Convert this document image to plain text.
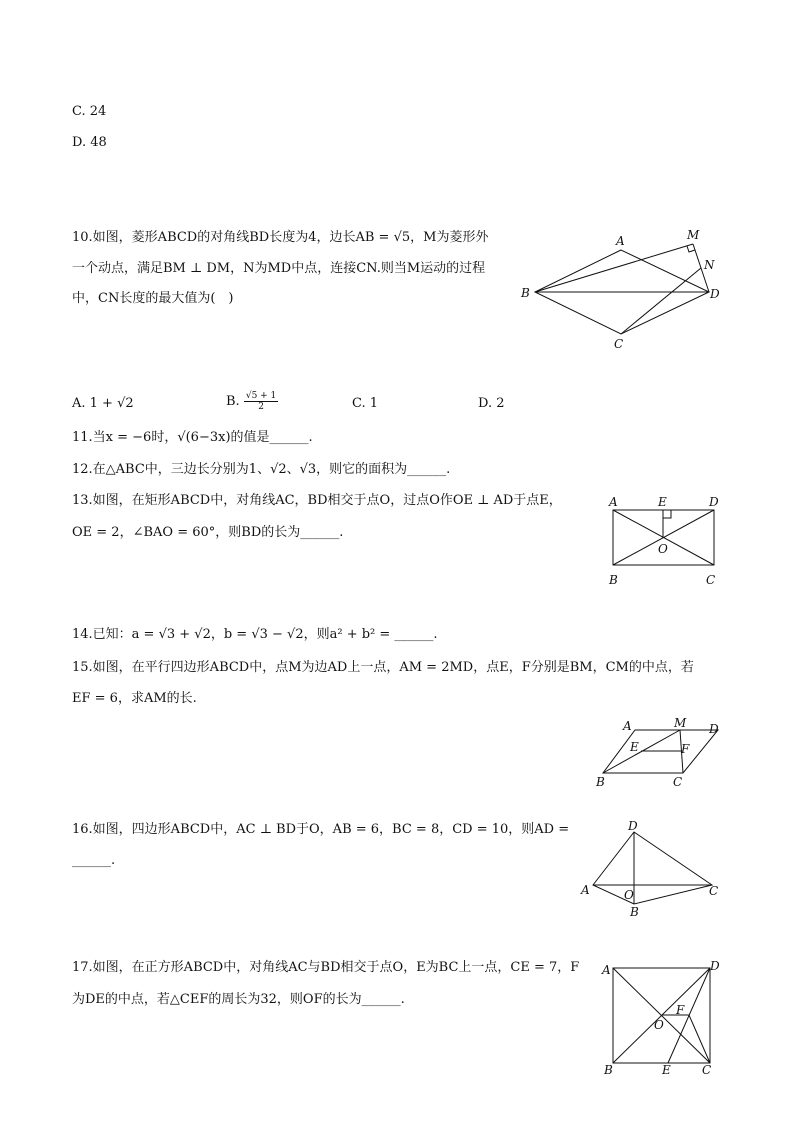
C. 24
D. 48
10.如图，菱形ABCD的对角线BD长度为4，边长AB = √5，M为菱形外
一个动点，满足BM ⊥ DM，N为MD中点，连接CN.则当M运动的过程
中，CN长度的最大值为(　)
A
B
C
D
M
N
A. 1 + √2	B. $\frac{√5 + 1}{2}$	C. 1	D. 2
11.当x = −6时，√(6−3x)的值是______.
12.在△ABC中，三边长分别为1、√2、√3，则它的面积为______.
13.如图，在矩形ABCD中，对角线AC，BD相交于点O，过点O作OE ⊥ AD于点E，
OE = 2，∠BAO = 60°，则BD的长为______.
A	E	D
O
B	C
14.已知：a = √3 + √2，b = √3 − √2，则a² + b² = ______.
15.如图，在平行四边形ABCD中，点M为边AD上一点，AM = 2MD，点E，F分别是BM，CM的中点，若
EF = 6，求AM的长.
A	M D
E	F
B	C
16.如图，四边形ABCD中，AC ⊥ BD于O，AB = 6，BC = 8，CD = 10，则AD =
______.
D
A	O	C
B
17.如图，在正方形ABCD中，对角线AC与BD相交于点O，E为BC上一点，CE = 7，F
为DE的中点，若△CEF的周长为32，则OF的长为______.
A	D
O
F
B	E	C
